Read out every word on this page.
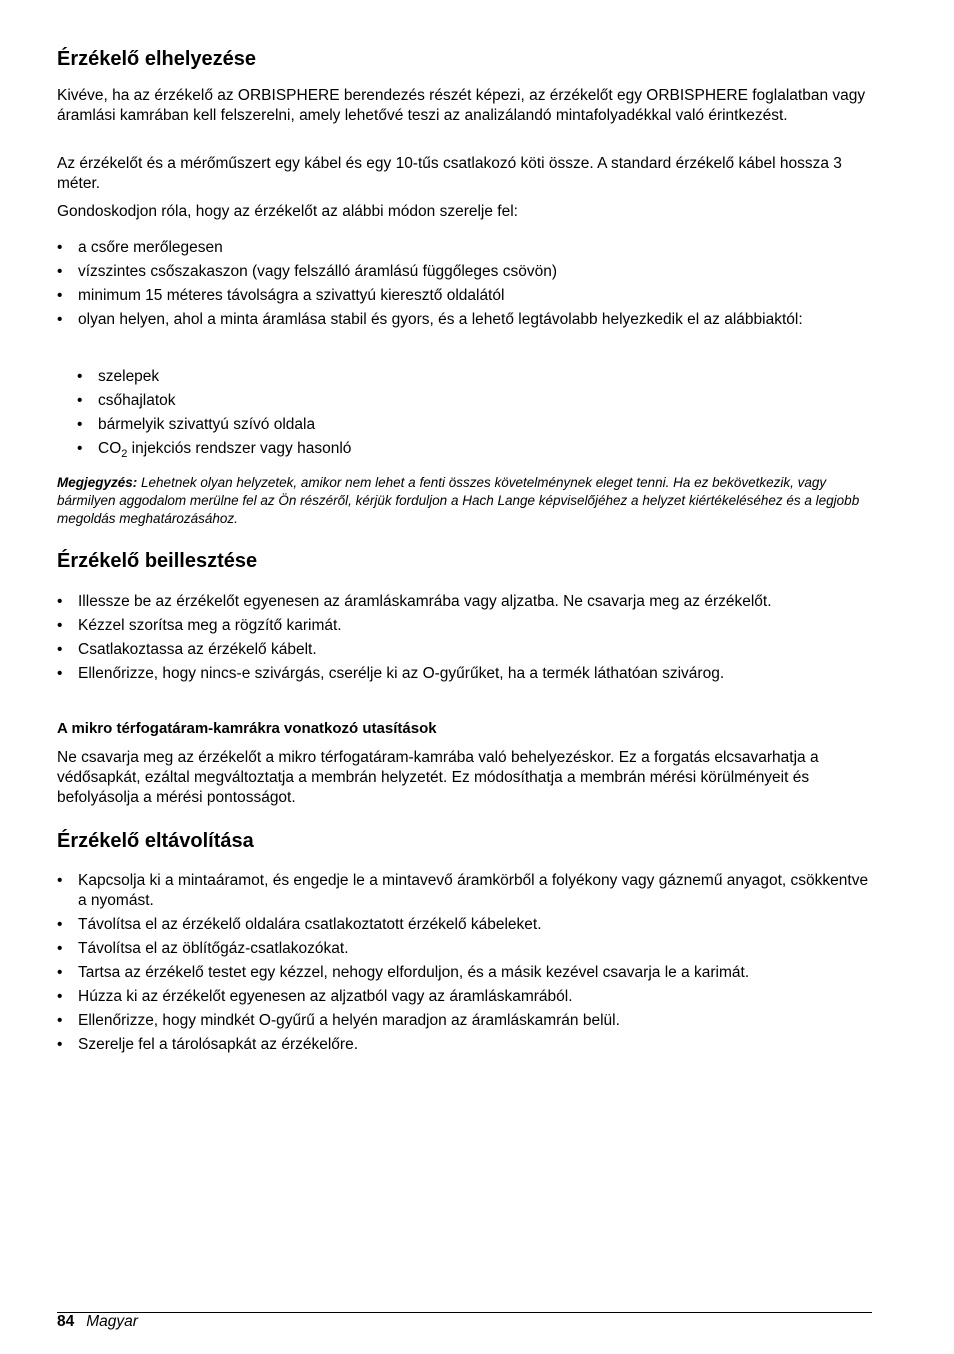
Érzékelő elhelyezése

Kivéve, ha az érzékelő az ORBISPHERE berendezés részét képezi, az érzékelőt egy ORBISPHERE foglalatban vagy áramlási kamrában kell felszerelni, amely lehetővé teszi az analizálandó mintafolyadékkal való érintkezést.

Az érzékelőt és a mérőműszert egy kábel és egy 10-tűs csatlakozó köti össze. A standard érzékelő kábel hossza 3 méter.

Gondoskodjon róla, hogy az érzékelőt az alábbi módon szerelje fel:

• a csőre merőlegesen
• vízszintes csőszakaszon (vagy felszálló áramlású függőleges csövön)
• minimum 15 méteres távolságra a szivattyú kieresztő oldalától
• olyan helyen, ahol a minta áramlása stabil és gyors, és a lehető legtávolabb helyezkedik el az alábbiaktól:
• szelepek
• csőhajlatok
• bármelyik szivattyú szívó oldala
• $CO_2$ injekciós rendszer vagy hasonló

Megjegyzés: Lehetnek olyan helyzetek, amikor nem lehet a fenti összes követelménynek eleget tenni. Ha ez bekövetkezik, vagy bármilyen aggodalom merülne fel az Ön részéről, kérjük forduljon a Hach Lange képviselőjéhez a helyzet kiértékeléséhez és a legjobb megoldás meghatározásához.

Érzékelő beillesztése
• Illessze be az érzékelőt egyenesen az áramláskamrába vagy aljzatba. Ne csavarja meg az érzékelőt.
• Kézzel szorítsa meg a rögzítő karimát.
• Csatlakoztassa az érzékelő kábelt.
• Ellenőrizze, hogy nincs-e szivárgás, cserélje ki az O-gyűrűket, ha a termék láthatóan szivárog.
A mikro térfogatáram-kamrákra vonatkozó utasítások

Ne csavarja meg az érzékelőt a mikro térfogatáram-kamrába való behelyezéskor. Ez a forgatás elcsavarhatja a védősapkát, ezáltal megváltoztatja a membrán helyzetét. Ez módosíthatja a membrán mérési körülményeit és befolyásolja a mérési pontosságot.

Érzékelő eltávolítása
• Kapcsolja ki a mintaáramot, és engedje le a mintavevő áramkörből a folyékony vagy gáznemű anyagot, csökkentve a nyomást.
• Távolítsa el az érzékelő oldalára csatlakoztatott érzékelő kábeleket.
• Távolítsa el az öblítőgáz-csatlakozókat.
• Tartsa az érzékelő testet egy kézzel, nehogy elforduljon, és a másik kezével csavarja le a karimát.
• Húzza ki az érzékelőt egyenesen az aljzatból vagy az áramláskamrából.
• Ellenőrizze, hogy mindkét O-gyűrű a helyén maradjon az áramláskamrán belül.
• Szerelje fel a tárolósapkát az érzékelőre.
84 Magyar
